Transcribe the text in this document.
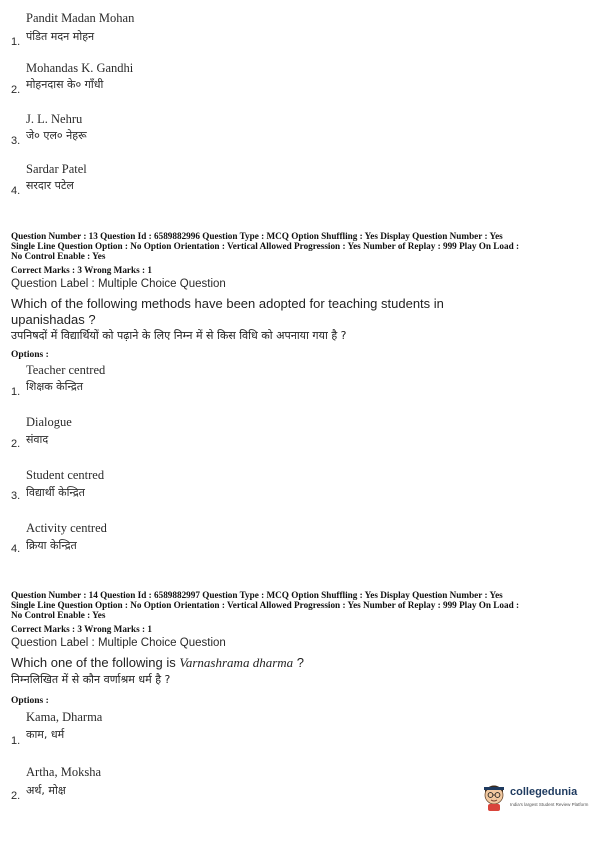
Pandit Madan Mohan
1. पंडित मदन मोहन
Mohandas K. Gandhi
2. मोहनदास के० गाँधी
J. L. Nehru
3. जे० एल० नेहरू
Sardar Patel
4. सरदार पटेल
Question Number : 13 Question Id : 6589882996 Question Type : MCQ Option Shuffling : Yes Display Question Number : Yes
Single Line Question Option : No Option Orientation : Vertical Allowed Progression : Yes Number of Replay : 999 Play On Load :
No Control Enable : Yes
Correct Marks : 3 Wrong Marks : 1
Question Label : Multiple Choice Question
Which of the following methods have been adopted for teaching students in
upanishadas ?
उपनिषदों में विद्यार्थियों को पढ़ाने के लिए निम्न में से किस विधि को अपनाया गया है ?
Options :
Teacher centred
1. शिक्षक केन्द्रित
Dialogue
2. संवाद
Student centred
3. विद्यार्थी केन्द्रित
Activity centred
4. क्रिया केन्द्रित
Question Number : 14 Question Id : 6589882997 Question Type : MCQ Option Shuffling : Yes Display Question Number : Yes
Single Line Question Option : No Option Orientation : Vertical Allowed Progression : Yes Number of Replay : 999 Play On Load :
No Control Enable : Yes
Correct Marks : 3 Wrong Marks : 1
Question Label : Multiple Choice Question
Which one of the following is Varnashrama dharma ?
निम्नलिखित में से कौन वर्णाश्रम धर्म है ?
Options :
Kama, Dharma
1. काम, धर्म
Artha, Moksha
2. अर्थ, मोक्ष	collegedunia
India's largest Student Review Platform
